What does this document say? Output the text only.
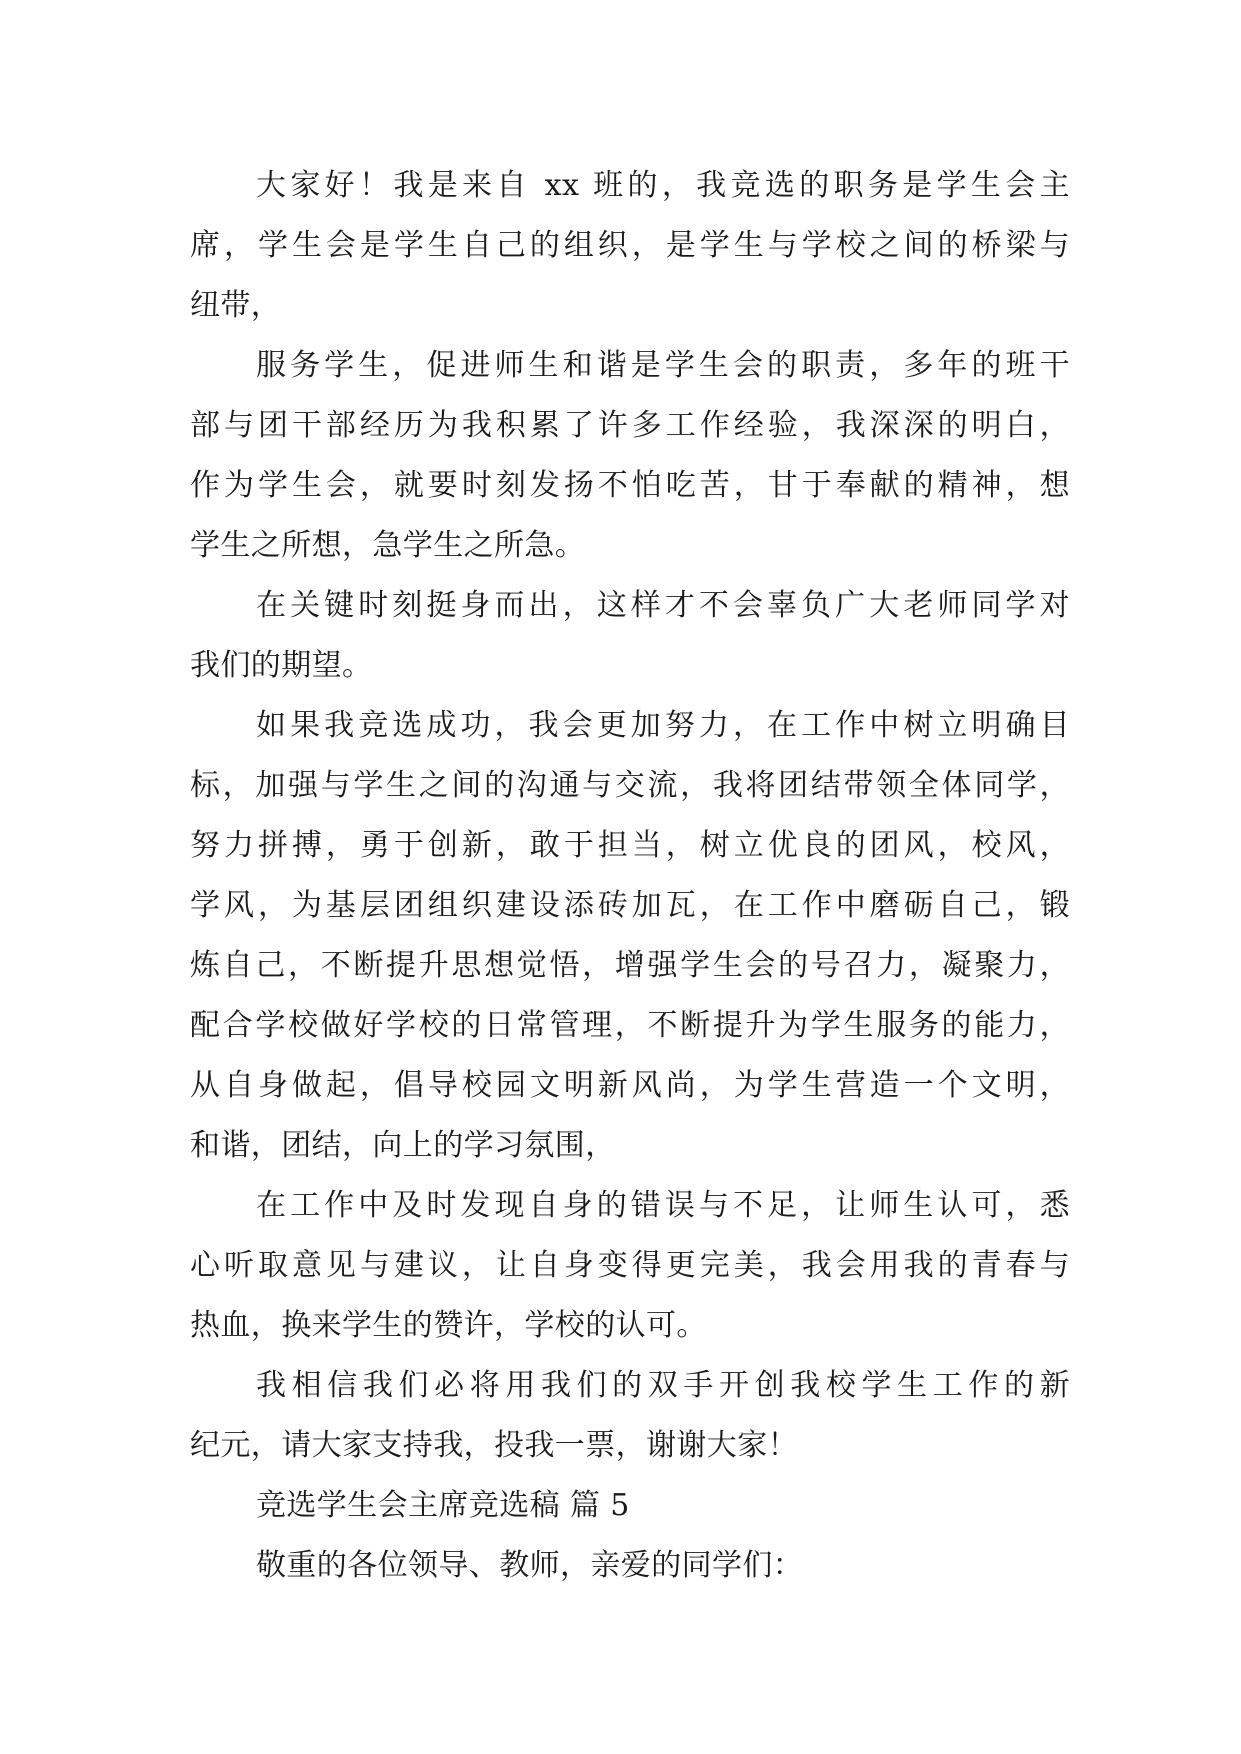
大家好！我是来自 xx 班的，我竞选的职务是学生会主
席，学生会是学生自己的组织，是学生与学校之间的桥梁与
纽带，
服务学生，促进师生和谐是学生会的职责，多年的班干
部与团干部经历为我积累了许多工作经验，我深深的明白，
作为学生会，就要时刻发扬不怕吃苦，甘于奉献的精神，想
学生之所想，急学生之所急。
在关键时刻挺身而出，这样才不会辜负广大老师同学对
我们的期望。
如果我竞选成功，我会更加努力，在工作中树立明确目
标，加强与学生之间的沟通与交流，我将团结带领全体同学，
努力拼搏，勇于创新，敢于担当，树立优良的团风，校风，
学风，为基层团组织建设添砖加瓦，在工作中磨砺自己，锻
炼自己，不断提升思想觉悟，增强学生会的号召力，凝聚力，
配合学校做好学校的日常管理，不断提升为学生服务的能力，
从自身做起，倡导校园文明新风尚，为学生营造一个文明，
和谐，团结，向上的学习氛围，
在工作中及时发现自身的错误与不足，让师生认可，悉
心听取意见与建议，让自身变得更完美，我会用我的青春与
热血，换来学生的赞许，学校的认可。
我相信我们必将用我们的双手开创我校学生工作的新
纪元，请大家支持我，投我一票，谢谢大家！
竞选学生会主席竞选稿 篇 5
敬重的各位领导、教师，亲爱的同学们：
